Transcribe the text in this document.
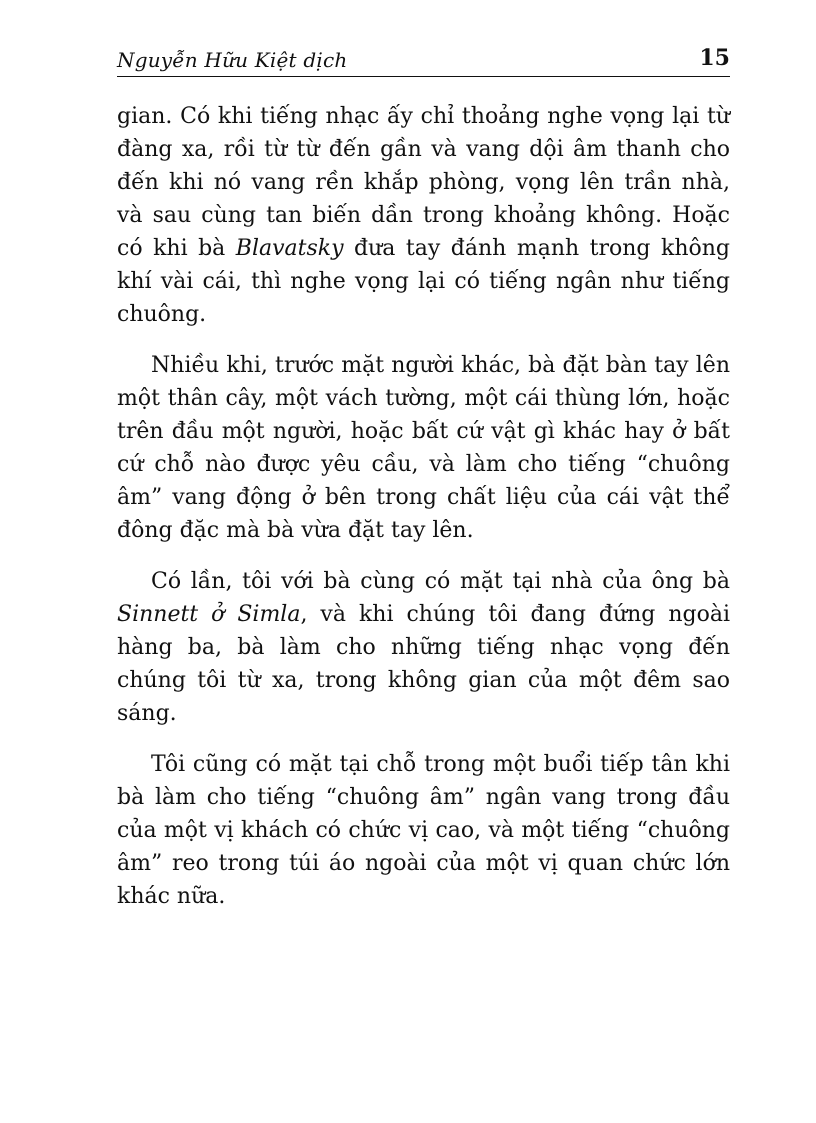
Nguyễn Hữu Kiệt dịch	15

gian. Có khi tiếng nhạc ấy chỉ thoảng nghe vọng lại từ đàng xa, rồi từ từ đến gần và vang dội âm thanh cho đến khi nó vang rền khắp phòng, vọng lên trần nhà, và sau cùng tan biến dần trong khoảng không. Hoặc có khi bà Blavatsky đưa tay đánh mạnh trong không khí vài cái, thì nghe vọng lại có tiếng ngân như tiếng chuông.

Nhiều khi, trước mặt người khác, bà đặt bàn tay lên một thân cây, một vách tường, một cái thùng lớn, hoặc trên đầu một người, hoặc bất cứ vật gì khác hay ở bất cứ chỗ nào được yêu cầu, và làm cho tiếng “chuông âm” vang động ở bên trong chất liệu của cái vật thể đông đặc mà bà vừa đặt tay lên.

Có lần, tôi với bà cùng có mặt tại nhà của ông bà Sinnett ở Simla, và khi chúng tôi đang đứng ngoài hàng ba, bà làm cho những tiếng nhạc vọng đến chúng tôi từ xa, trong không gian của một đêm sao sáng.

Tôi cũng có mặt tại chỗ trong một buổi tiếp tân khi bà làm cho tiếng “chuông âm” ngân vang trong đầu của một vị khách có chức vị cao, và một tiếng “chuông âm” reo trong túi áo ngoài của một vị quan chức lớn khác nữa.
